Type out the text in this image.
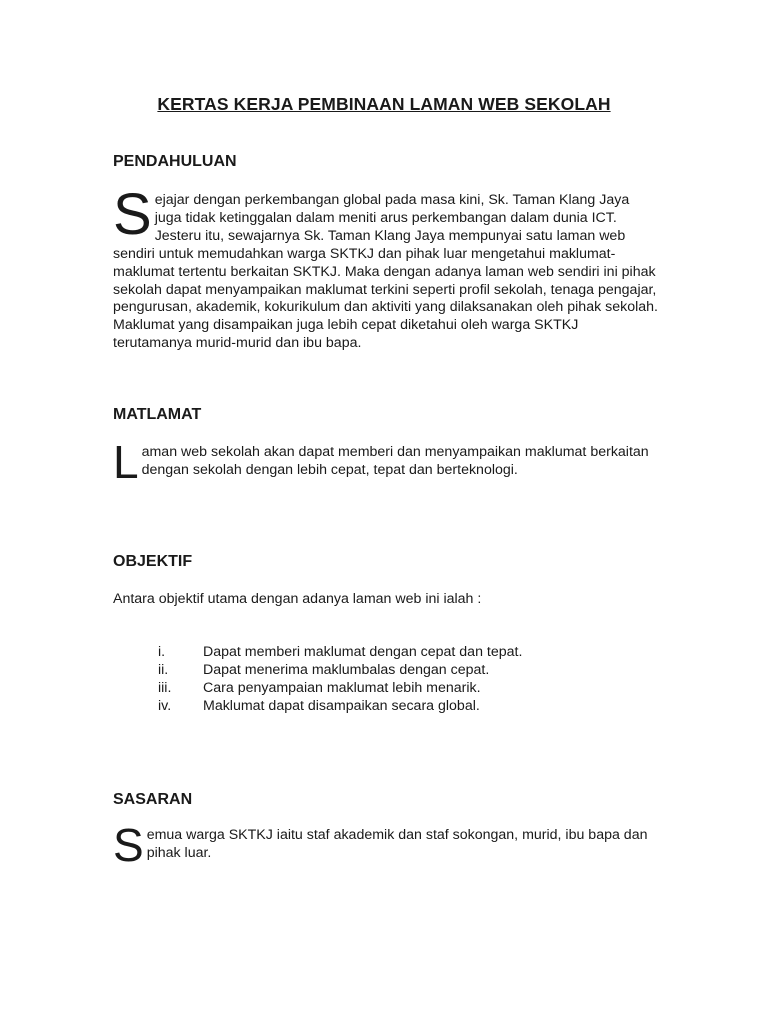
KERTAS KERJA PEMBINAAN LAMAN WEB SEKOLAH
PENDAHULUAN
Sejajar dengan perkembangan global pada masa kini, Sk. Taman Klang Jaya juga tidak ketinggalan dalam meniti arus perkembangan dalam dunia ICT. Jesteru itu, sewajarnya Sk. Taman Klang Jaya mempunyai satu laman web sendiri untuk memudahkan warga SKTKJ dan pihak luar mengetahui maklumat-maklumat tertentu berkaitan SKTKJ. Maka dengan adanya laman web sendiri ini pihak sekolah dapat menyampaikan maklumat terkini seperti profil sekolah, tenaga pengajar, pengurusan, akademik, kokurikulum dan aktiviti yang dilaksanakan oleh pihak sekolah. Maklumat yang disampaikan juga lebih cepat diketahui oleh warga SKTKJ terutamanya murid-murid dan ibu bapa.
MATLAMAT
Laman web sekolah akan dapat memberi dan menyampaikan maklumat berkaitan dengan sekolah dengan lebih cepat, tepat dan berteknologi.
OBJEKTIF
Antara objektif utama dengan adanya laman web ini ialah :
i.	Dapat memberi maklumat dengan cepat dan tepat.
ii.	Dapat menerima maklumbalas dengan cepat.
iii.	Cara penyampaian maklumat lebih menarik.
iv.	Maklumat dapat disampaikan secara global.
SASARAN
Semua warga SKTKJ iaitu staf akademik dan staf sokongan, murid, ibu bapa dan pihak luar.
